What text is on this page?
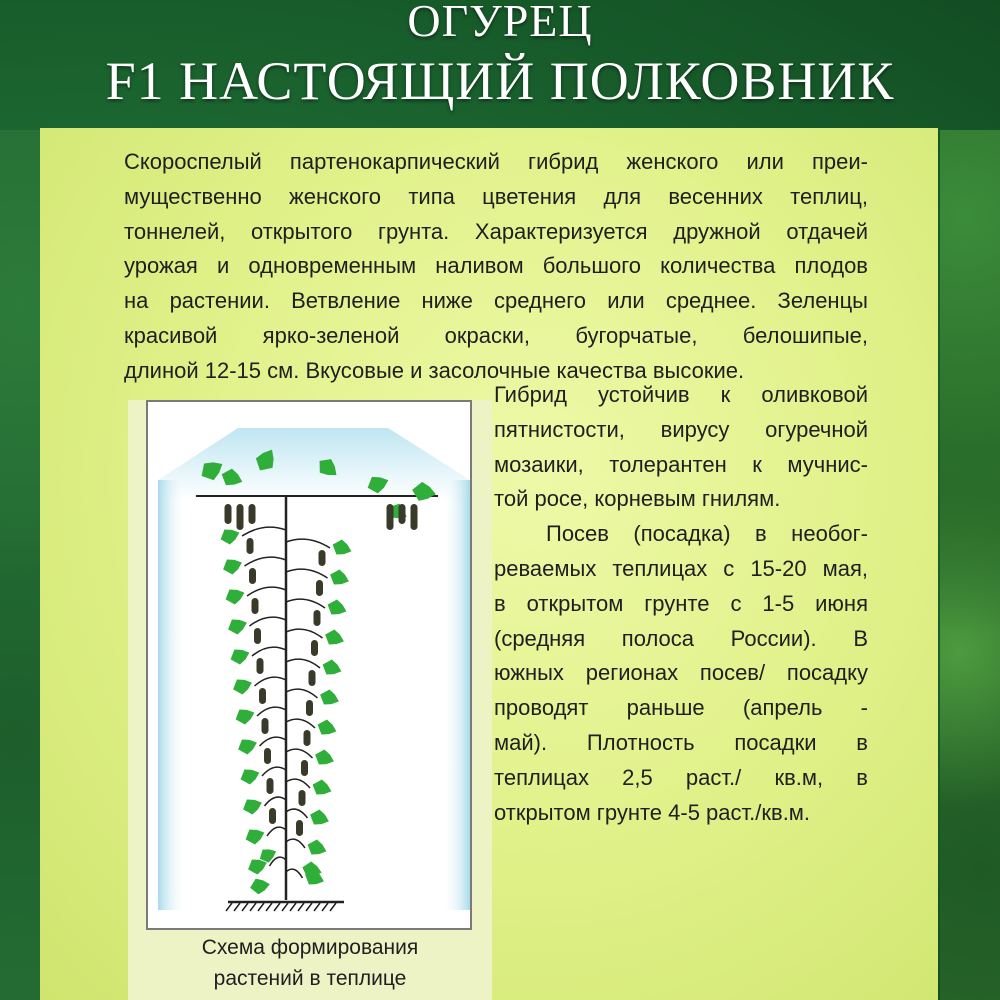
ОГУРЕЦ
F1 НАСТОЯЩИЙ ПОЛКОВНИК
Скороспелый партенокарпический гибрид женского или преи-
мущественно женского типа цветения для весенних теплиц,
тоннелей, открытого грунта. Характеризуется дружной отдачей
урожая и одновременным наливом большого количества плодов
на растении. Ветвление ниже среднего или среднее. Зеленцы
красивой ярко-зеленой окраски, бугорчатые, белошипые,
длиной 12-15 см. Вкусовые и засолочные качества высокие.
Гибрид устойчив к оливковой
пятнистости, вирусу огуречной
мозаики, толерантен к мучнис-
той росе, корневым гнилям.
Посев (посадка) в необог-
реваемых теплицах с 15-20 мая,
в открытом грунте с 1-5 июня
(средняя полоса России). В
южных регионах посев/ посадку
проводят раньше (апрель -
май). Плотность посадки в
теплицах 2,5 раст./ кв.м, в
открытом грунте 4-5 раст./кв.м.
Схема формирования
растений в теплице
